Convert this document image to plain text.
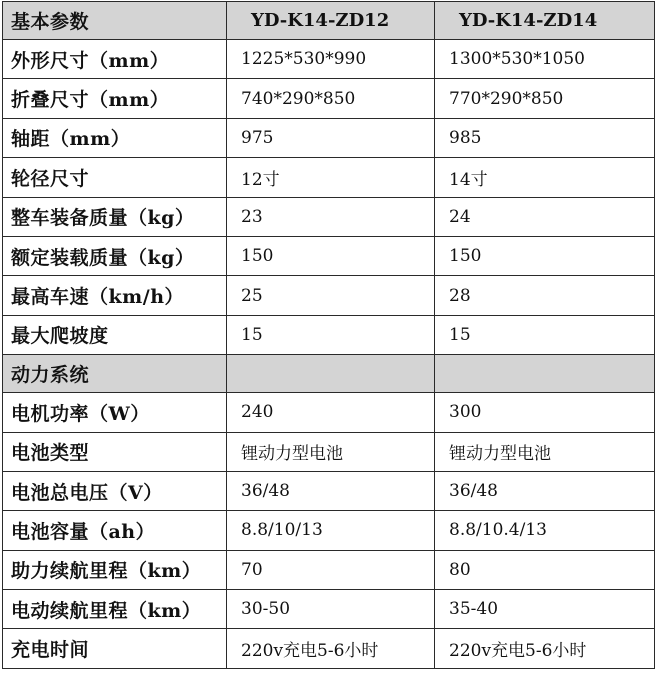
基本参数	YD-K14-ZD12	YD-K14-ZD14
外形尺寸（mm）	1225*530*990	1300*530*1050
折叠尺寸（mm）	740*290*850	770*290*850
轴距（mm）	975	985
轮径尺寸	12寸	14寸
整车装备质量（kg）	23	24
额定装载质量（kg）	150	150
最高车速（km/h）	25	28
最大爬坡度	15	15
动力系统		
电机功率（W）	240	300
电池类型	锂动力型电池	锂动力型电池
电池总电压（V）	36/48	36/48
电池容量（ah）	8.8/10/13	8.8/10.4/13
助力续航里程（km）	70	80
电动续航里程（km）	30-50	35-40
充电时间	220v充电5-6小时	220v充电5-6小时
